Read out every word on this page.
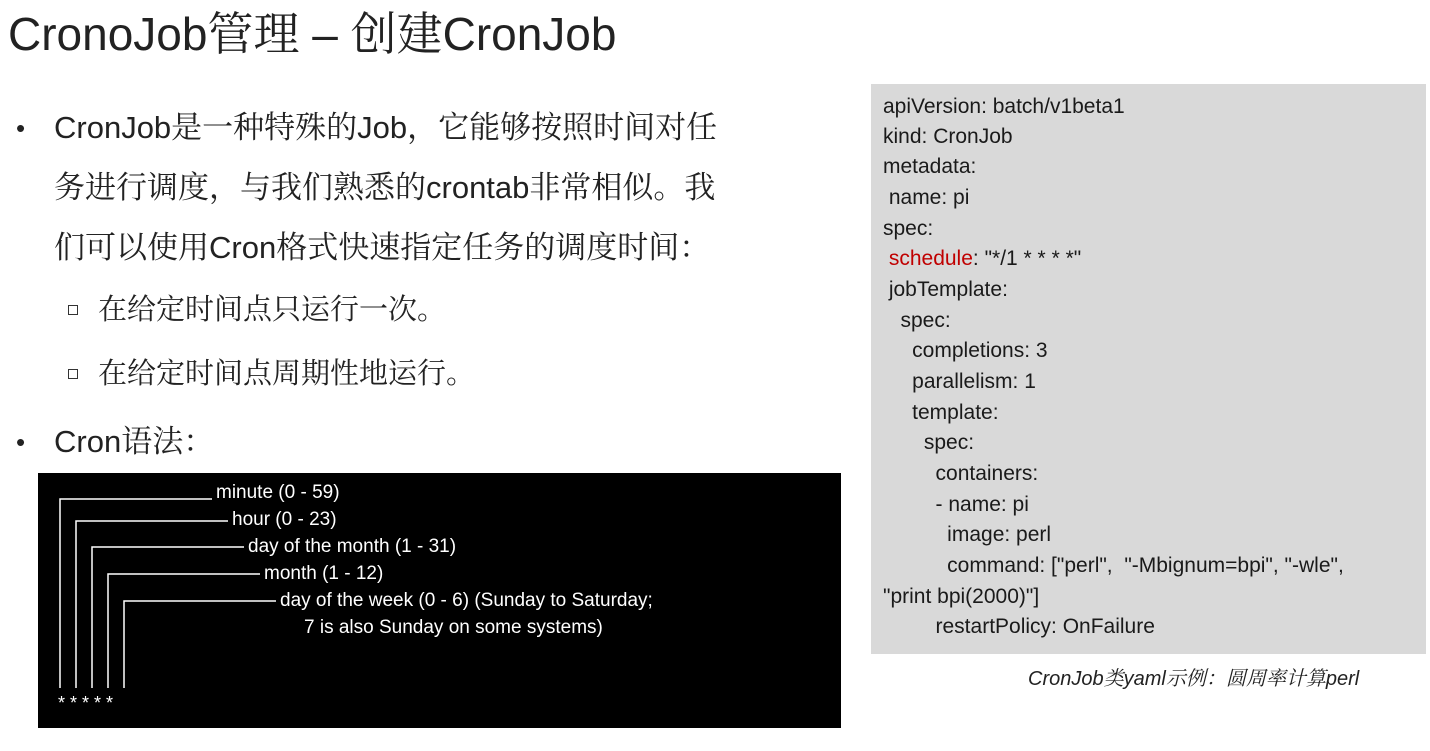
CronoJob管理 – 创建CronJob
• CronJob是一种特殊的Job，它能够按照时间对任
务进行调度，与我们熟悉的crontab非常相似。我
们可以使用Cron格式快速指定任务的调度时间：
在给定时间点只运行一次。
在给定时间点周期性地运行。
• Cron语法：
minute (0 - 59)
hour (0 - 23)
day of the month (1 - 31)
month (1 - 12)
day of the week (0 - 6) (Sunday to Saturday;
7 is also Sunday on some systems)
* * * * *
apiVersion: batch/v1beta1
kind: CronJob
metadata:
name: pi
spec:
schedule: "*/1 * * * *"
jobTemplate:
spec:
completions: 3
parallelism: 1
template:
spec:
containers:
- name: pi
image: perl
command: ["perl",  "-Mbignum=bpi", "-wle",
"print bpi(2000)"]
restartPolicy: OnFailure
CronJob类yaml示例：圆周率计算perl
